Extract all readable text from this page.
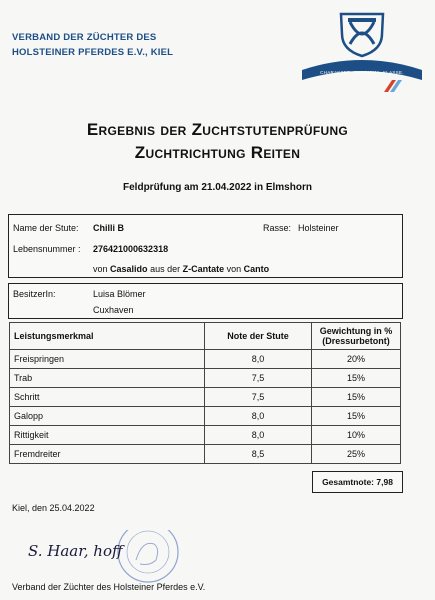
VERBAND DER ZÜCHTER DES
HOLSTEINER PFERDES E.V., KIEL
HOLSTEINER
CHARAKTER. CHARISMA. KLASSE.
Ergebnis der Zuchtstutenprüfung
Zuchtrichtung Reiten
Feldprüfung am 21.04.2022 in Elmshorn
Name der Stute: Chilli B	Rasse: Holsteiner
Lebensnummer : 276421000632318
von Casalido aus der Z-Cantate von Canto
BesitzerIn:	Luisa Blömer
Cuxhaven
Leistungsmerkmal	Note der Stute	Gewichtung in %
(Dressurbetont)

Freispringen	8,0	20%
Trab	7,5	15%
Schritt	7,5	15%
Galopp	8,0	15%
Rittigkeit	8,0	10%
Fremdreiter	8,5	25%
Gesamtnote: 7,98
Kiel, den 25.04.2022
S. Haar, hoff
Verband der Züchter des Holsteiner Pferdes e.V.
